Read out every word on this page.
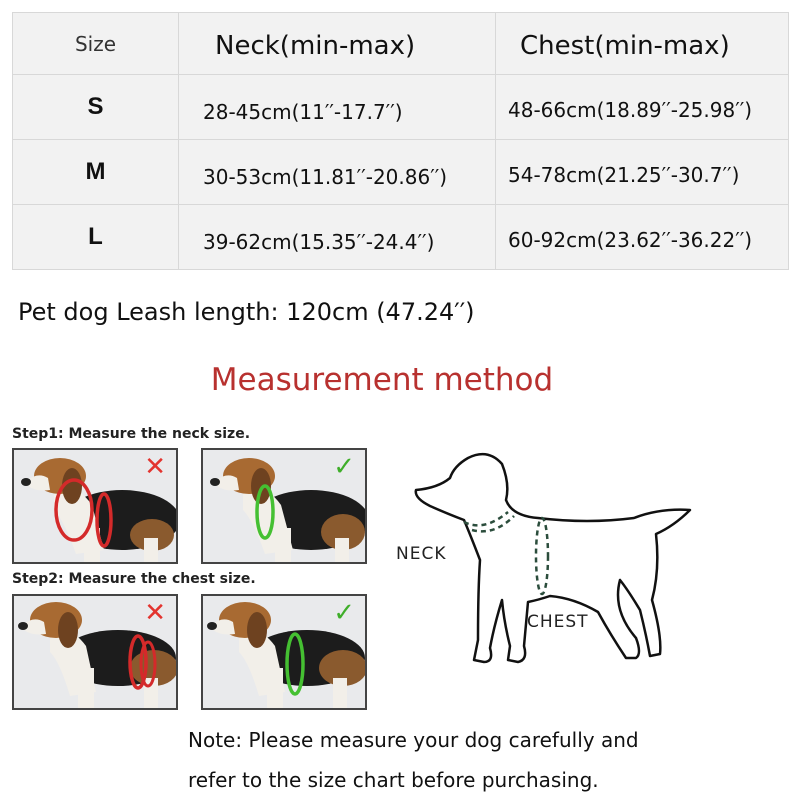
Size	Neck(min-max)	Chest(min-max)
S	28-45cm(11′′-17.7′′)	48-66cm(18.89′′-25.98′′)
M	30-53cm(11.81′′-20.86′′)	54-78cm(21.25′′-30.7′′)
L	39-62cm(15.35′′-24.4′′)	60-92cm(23.62′′-36.22′′)
Pet dog Leash length: 120cm (47.24′′)
Measurement method
Step1: Measure the neck size.
✕	✓
Step2: Measure the chest size.
✕	✓
NECK
CHEST
Note: Please measure your dog carefully and
refer to the size chart before purchasing.
